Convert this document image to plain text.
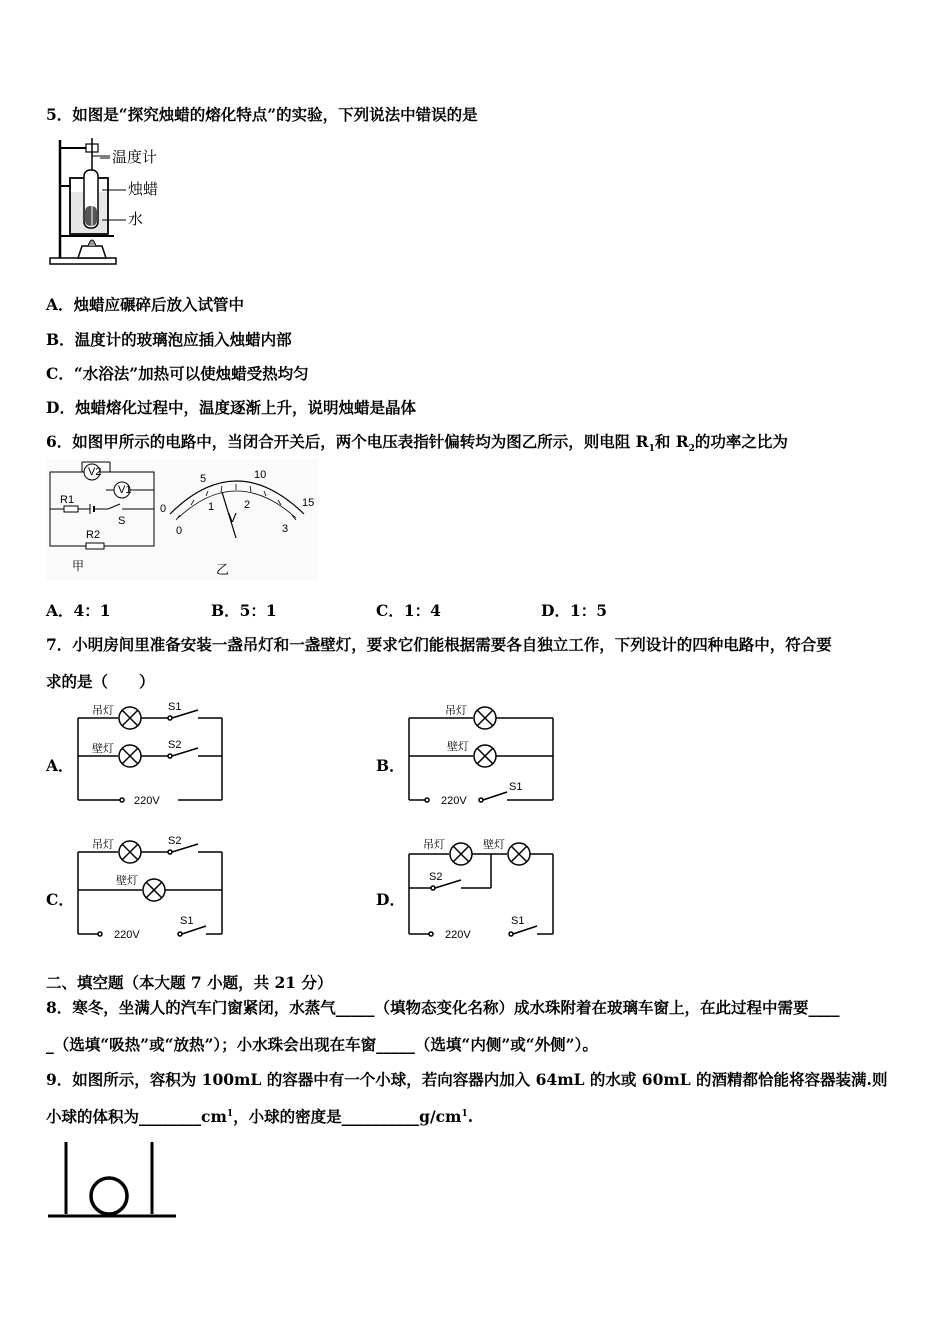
5．如图是“探究烛蜡的熔化特点”的实验，下列说法中错误的是
温度计
烛蜡
水
A．烛蜡应碾碎后放入试管中
B．温度计的玻璃泡应插入烛蜡内部
C．“水浴法”加热可以使烛蜡受热均匀
D．烛蜡熔化过程中，温度逐渐上升，说明烛蜡是晶体
6．如图甲所示的电路中，当闭合开关后，两个电压表指针偏转均为图乙所示，则电阻 $R_1$和 $R_2$的功率之比为
V2
V1
R1
R2
S
甲
0
5	10
15
0
1	2
3
V
乙
A．4：1	B．5：1	C．1：4	D．1：5
7．小明房间里准备安装一盏吊灯和一盏壁灯，要求它们能根据需要各自独立工作，下列设计的四种电路中，符合要
求的是（　　）
A．
吊灯
壁灯
S1
S2
220V
B．
吊灯
壁灯
S1
220V
C．
吊灯
壁灯
S2
S1
220V
D．
吊灯	壁灯
S2
S1
220V
二、填空题（本大题 7 小题，共 21 分）
8．寒冬，坐满人的汽车门窗紧闭，水蒸气_____（填物态变化名称）成水珠附着在玻璃车窗上，在此过程中需要____
_（选填“吸热”或“放热”）；小水珠会出现在车窗_____（选填“内侧”或“外侧”）。
9．如图所示，容积为 100mL 的容器中有一个小球，若向容器内加入 64mL 的水或 60mL 的酒精都恰能将容器装满.则
小球的体积为$\_\_\_\_\_\_\_\_cm^1$，小球的密度是$\_\_\_\_\_\_\_\_\_\_g/cm^1$.
